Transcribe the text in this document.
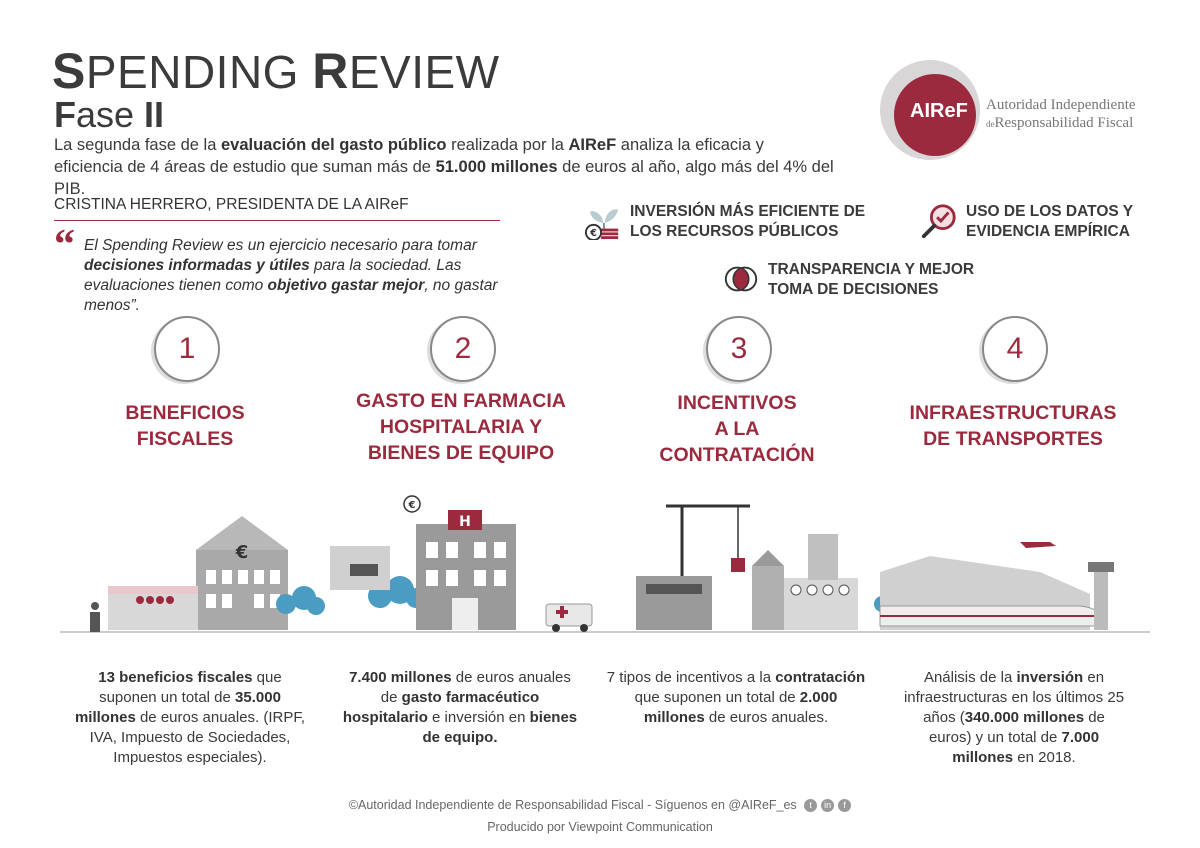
SPENDING REVIEW
Fase II
La segunda fase de la evaluación del gasto público realizada por la AIReF analiza la eficacia y eficiencia de 4 áreas de estudio que suman más de 51.000 millones de euros al año, algo más del 4% del PIB.
AIReF Autoridad Independiente
deResponsabilidad Fiscal
CRISTINA HERRERO, PRESIDENTA DE LA AIReF
“ El Spending Review es un ejercicio necesario para tomar decisiones informadas y útiles para la sociedad. Las evaluaciones tienen como objetivo gastar mejor, no gastar menos”.
€
INVERSIÓN MÁS EFICIENTE DE
LOS RECURSOS PÚBLICOS
USO DE LOS DATOS Y
EVIDENCIA EMPÍRICA
TRANSPARENCIA Y MEJOR
TOMA DE DECISIONES
1	2	3	4
BENEFICIOS
FISCALES
GASTO EN FARMACIA
HOSPITALARIA Y
BIENES DE EQUIPO
INCENTIVOS
A LA
CONTRATACIÓN
INFRAESTRUCTURAS
DE TRANSPORTES
€
H
€
13 beneficios fiscales que suponen un total de 35.000 millones de euros anuales. (IRPF, IVA, Impuesto de Sociedades, Impuestos especiales).
7.400 millones de euros anuales de gasto farmacéutico hospitalario e inversión en bienes de equipo.
7 tipos de incentivos a la contratación que suponen un total de 2.000 millones de euros anuales.
Análisis de la inversión en infraestructuras en los últimos 25 años (340.000 millones de euros) y un total de 7.000 millones en 2018.
©Autoridad Independiente de Responsabilidad Fiscal - Síguenos en @AIReF_es t in f
Producido por Viewpoint Communication
